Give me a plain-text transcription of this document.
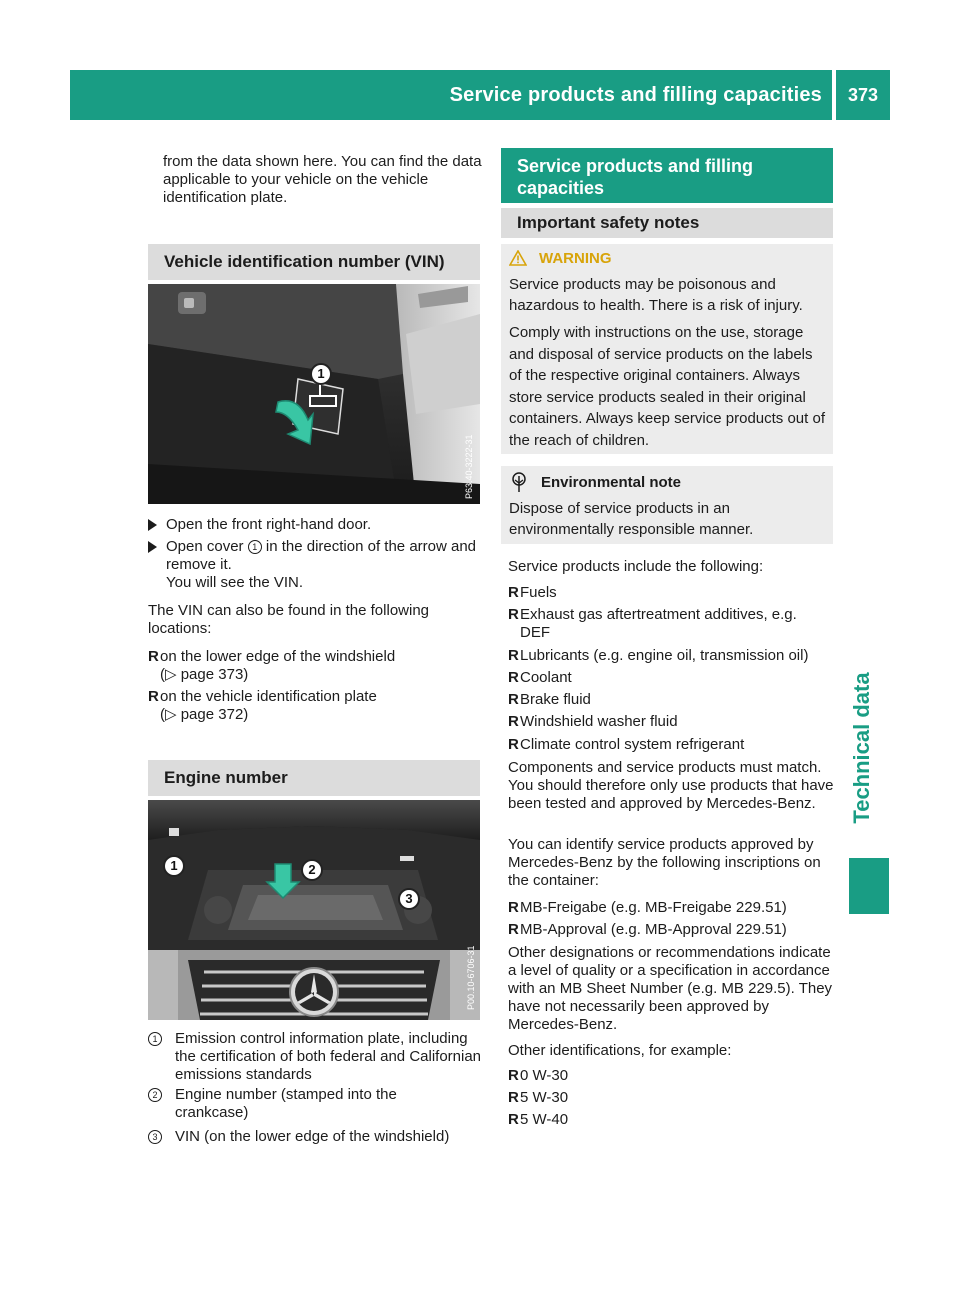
Service products and filling capacities	373
Technical data
from the data shown here. You can find the data applicable to your vehicle on the vehicle identification plate.
Vehicle identification number (VIN)
P63.40-3222-31
1
Open the front right-hand door.
Open cover 1 in the direction of the arrow and remove it.
You will see the VIN.
The VIN can also be found in the following locations:
R on the lower edge of the windshield
(▷ page 373)
R on the vehicle identification plate
(▷ page 372)
Engine number
P00.10-6706-31
1	2
3
1	Emission control information plate, including the certification of both federal and Californian emissions standards
2	Engine number (stamped into the crankcase)
3	VIN (on the lower edge of the windshield)
Service products and filling capacities
Important safety notes
WARNING
Service products may be poisonous and hazardous to health. There is a risk of injury.
Comply with instructions on the use, storage and disposal of service products on the labels of the respective original containers. Always store service products sealed in their original containers. Always keep service products out of the reach of children.
Environmental note
Dispose of service products in an environmentally responsible manner.
Service products include the following:
R Fuels
R Exhaust gas aftertreatment additives, e.g. DEF
R Lubricants (e.g. engine oil, transmission oil)
R Coolant
R Brake fluid
R Windshield washer fluid
R Climate control system refrigerant
Components and service products must match. You should therefore only use products that have been tested and approved by Mercedes-Benz.
You can identify service products approved by Mercedes-Benz by the following inscriptions on the container:
R MB-Freigabe (e.g. MB-Freigabe 229.51)
R MB-Approval (e.g. MB-Approval 229.51)
Other designations or recommendations indicate a level of quality or a specification in accordance with an MB Sheet Number (e.g. MB 229.5). They have not necessarily been approved by Mercedes-Benz.
Other identifications, for example:
R 0 W-30
R 5 W-30
R 5 W-40
